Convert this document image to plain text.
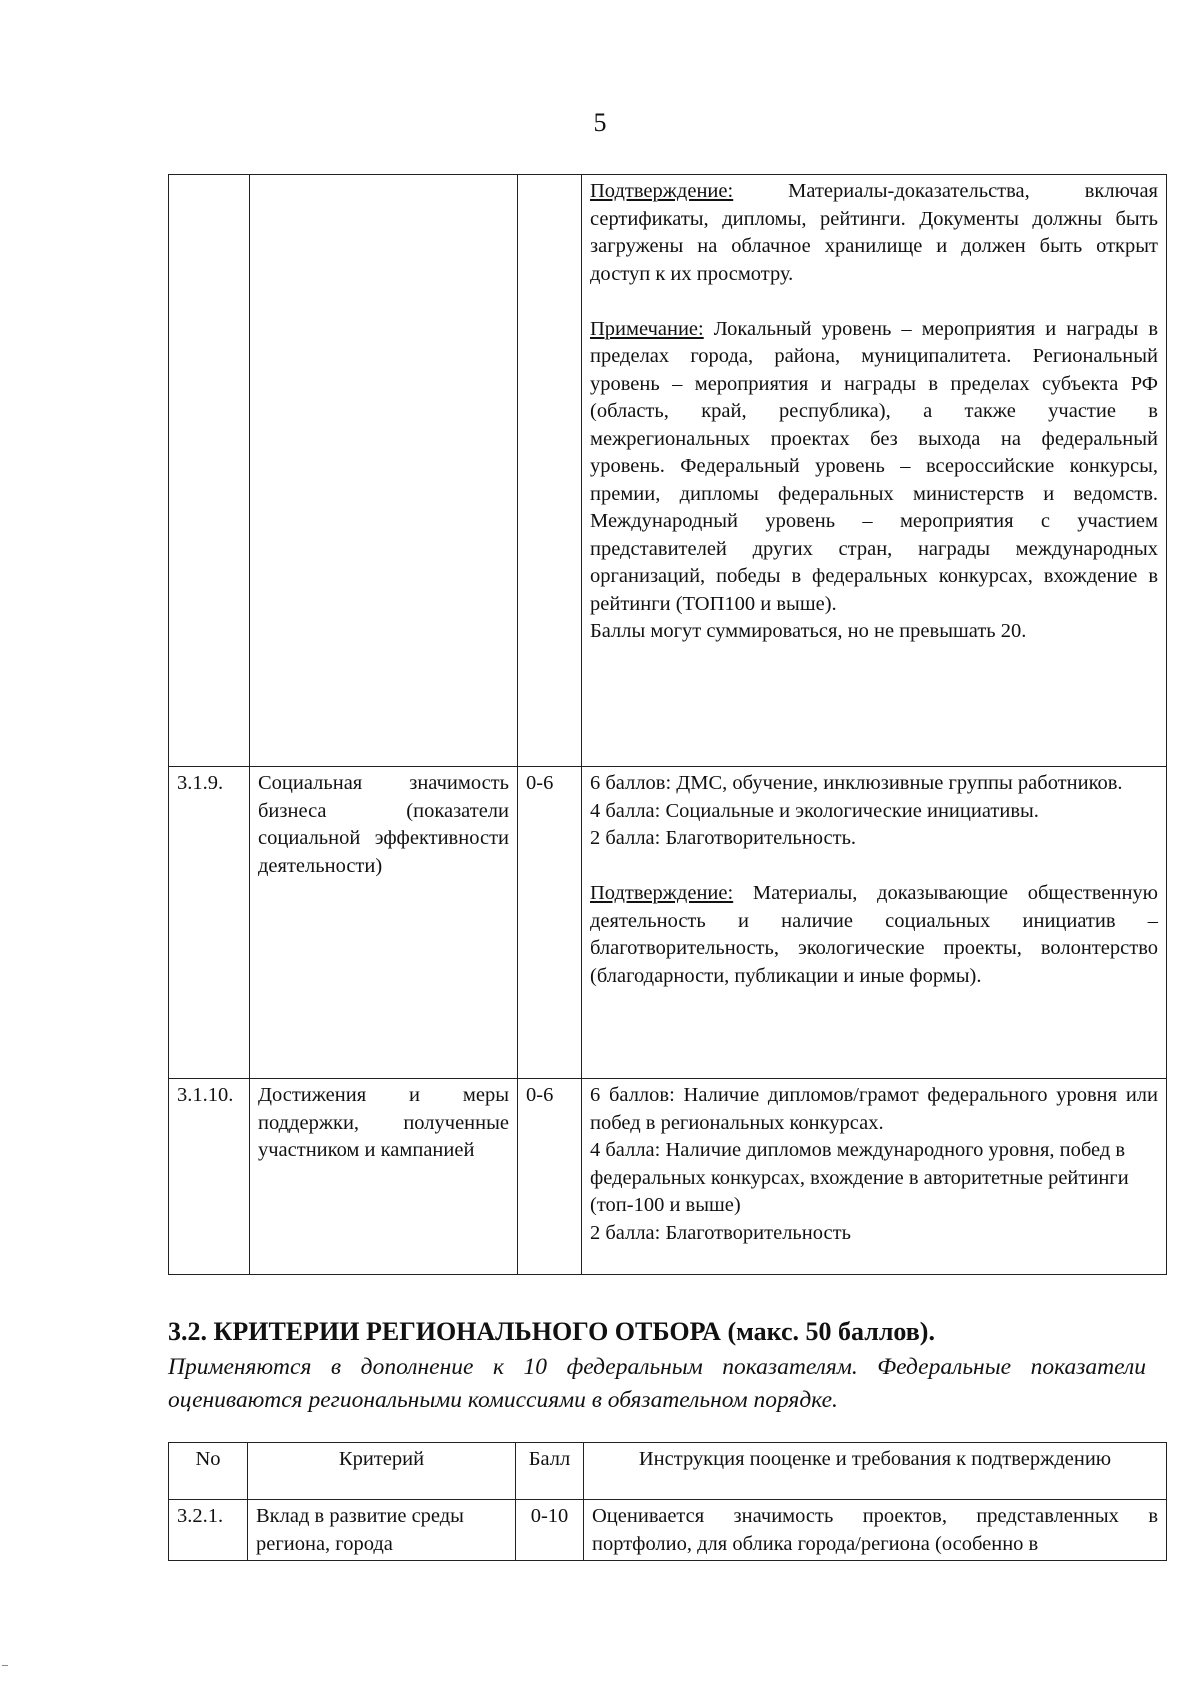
5

			Подтверждение: Материалы-доказательства, включая сертификаты, дипломы, рейтинги. Документы должны быть загружены на облачное хранилище и должен быть открыт доступ к их просмотру.
Примечание: Локальный уровень – мероприятия и награды в пределах города, района, муниципалитета. Региональный уровень – мероприятия и награды в пределах субъекта РФ (область, край, республика), а также участие в межрегиональных проектах без выхода на федеральный уровень. Федеральный уровень – всероссийские конкурсы, премии, дипломы федеральных министерств и ведомств. Международный уровень – мероприятия с участием представителей других стран, награды международных организаций, победы в федеральных конкурсах, вхождение в рейтинги (ТОП100 и выше).
Баллы могут суммироваться, но не превышать 20.

3.1.9.	Социальная значимость бизнеса (показатели социальной эффективности деятельности)	0-6	6 баллов: ДМС, обучение, инклюзивные группы работников.
4 балла: Социальные и экологические инициативы.
2 балла: Благотворительность.
Подтверждение: Материалы, доказывающие общественную деятельность и наличие социальных инициатив – благотворительность, экологические проекты, волонтерство (благодарности, публикации и иные формы).

3.1.10.	Достижения и меры поддержки, полученные участником и кампанией	0-6	6 баллов: Наличие дипломов/грамот федерального уровня или побед в региональных конкурсах.
4 балла: Наличие дипломов международного уровня, побед в федеральных конкурсах, вхождение в авторитетные рейтинги (топ-100 и выше)
2 балла: Благотворительность
3.2. КРИТЕРИИ РЕГИОНАЛЬНОГО ОТБОРА (макс. 50 баллов).
Применяются в дополнение к 10 федеральным показателям. Федеральные показатели оцениваются региональными комиссиями в обязательном порядке.
No	Критерий	Балл	Инструкция пооценке и требования к подтверждению
3.2.1.	Вклад в развитие среды региона, города	0-10	Оценивается значимость проектов, представленных в портфолио, для облика города/региона (особенно в
